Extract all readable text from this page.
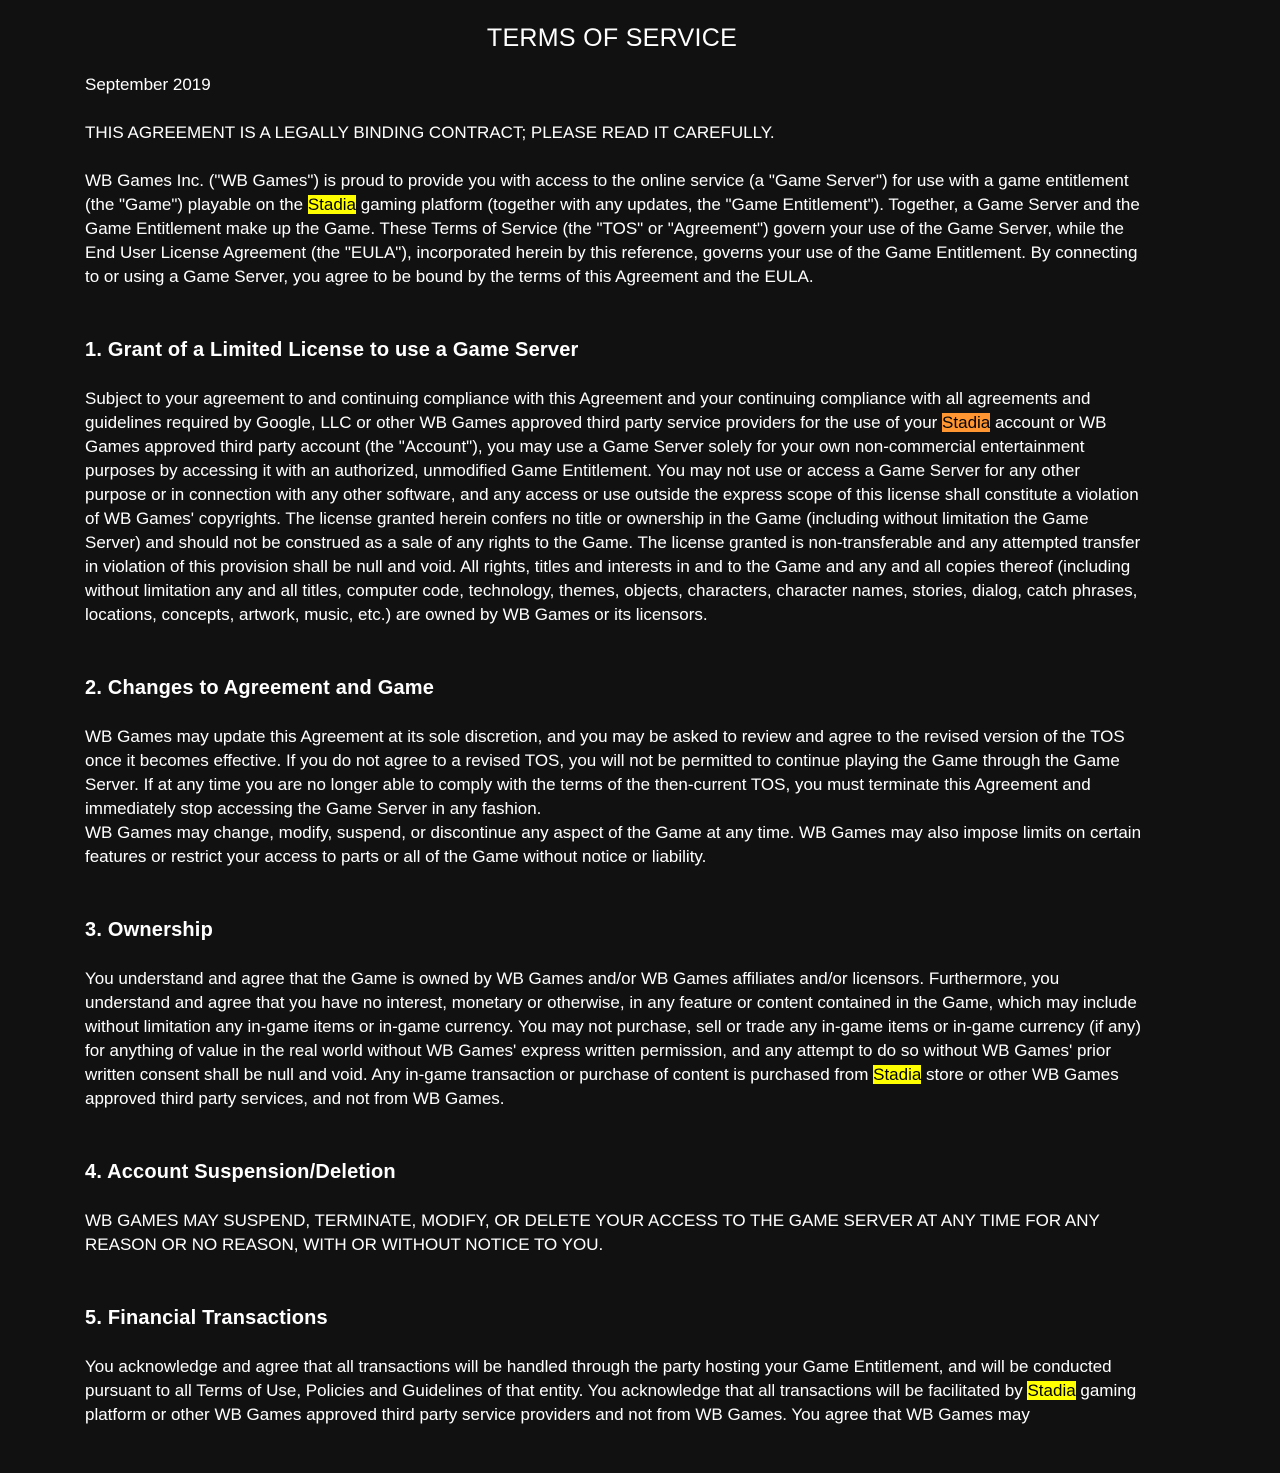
TERMS OF SERVICE

September 2019

THIS AGREEMENT IS A LEGALLY BINDING CONTRACT; PLEASE READ IT CAREFULLY.

WB Games Inc. ("WB Games") is proud to provide you with access to the online service (a "Game Server") for use with a game entitlement (the "Game") playable on the Stadia gaming platform (together with any updates, the "Game Entitlement"). Together, a Game Server and the Game Entitlement make up the Game. These Terms of Service (the "TOS" or "Agreement") govern your use of the Game Server, while the End User License Agreement (the "EULA"), incorporated herein by this reference, governs your use of the Game Entitlement. By connecting to or using a Game Server, you agree to be bound by the terms of this Agreement and the EULA.

1. Grant of a Limited License to use a Game Server

Subject to your agreement to and continuing compliance with this Agreement and your continuing compliance with all agreements and guidelines required by Google, LLC or other WB Games approved third party service providers for the use of your Stadia account or WB Games approved third party account (the "Account"), you may use a Game Server solely for your own non-commercial entertainment purposes by accessing it with an authorized, unmodified Game Entitlement. You may not use or access a Game Server for any other purpose or in connection with any other software, and any access or use outside the express scope of this license shall constitute a violation of WB Games' copyrights. The license granted herein confers no title or ownership in the Game (including without limitation the Game Server) and should not be construed as a sale of any rights to the Game. The license granted is non-transferable and any attempted transfer in violation of this provision shall be null and void. All rights, titles and interests in and to the Game and any and all copies thereof (including without limitation any and all titles, computer code, technology, themes, objects, characters, character names, stories, dialog, catch phrases, locations, concepts, artwork, music, etc.) are owned by WB Games or its licensors.

2. Changes to Agreement and Game

WB Games may update this Agreement at its sole discretion, and you may be asked to review and agree to the revised version of the TOS once it becomes effective. If you do not agree to a revised TOS, you will not be permitted to continue playing the Game through the Game Server. If at any time you are no longer able to comply with the terms of the then-current TOS, you must terminate this Agreement and immediately stop accessing the Game Server in any fashion.

WB Games may change, modify, suspend, or discontinue any aspect of the Game at any time. WB Games may also impose limits on certain features or restrict your access to parts or all of the Game without notice or liability.

3. Ownership

You understand and agree that the Game is owned by WB Games and/or WB Games affiliates and/or licensors. Furthermore, you understand and agree that you have no interest, monetary or otherwise, in any feature or content contained in the Game, which may include without limitation any in-game items or in-game currency. You may not purchase, sell or trade any in-game items or in-game currency (if any) for anything of value in the real world without WB Games' express written permission, and any attempt to do so without WB Games' prior written consent shall be null and void. Any in-game transaction or purchase of content is purchased from Stadia store or other WB Games approved third party services, and not from WB Games.

4. Account Suspension/Deletion

WB GAMES MAY SUSPEND, TERMINATE, MODIFY, OR DELETE YOUR ACCESS TO THE GAME SERVER AT ANY TIME FOR ANY REASON OR NO REASON, WITH OR WITHOUT NOTICE TO YOU.

5. Financial Transactions

You acknowledge and agree that all transactions will be handled through the party hosting your Game Entitlement, and will be conducted pursuant to all Terms of Use, Policies and Guidelines of that entity. You acknowledge that all transactions will be facilitated by Stadia gaming platform or other WB Games approved third party service providers and not from WB Games. You agree that WB Games may
